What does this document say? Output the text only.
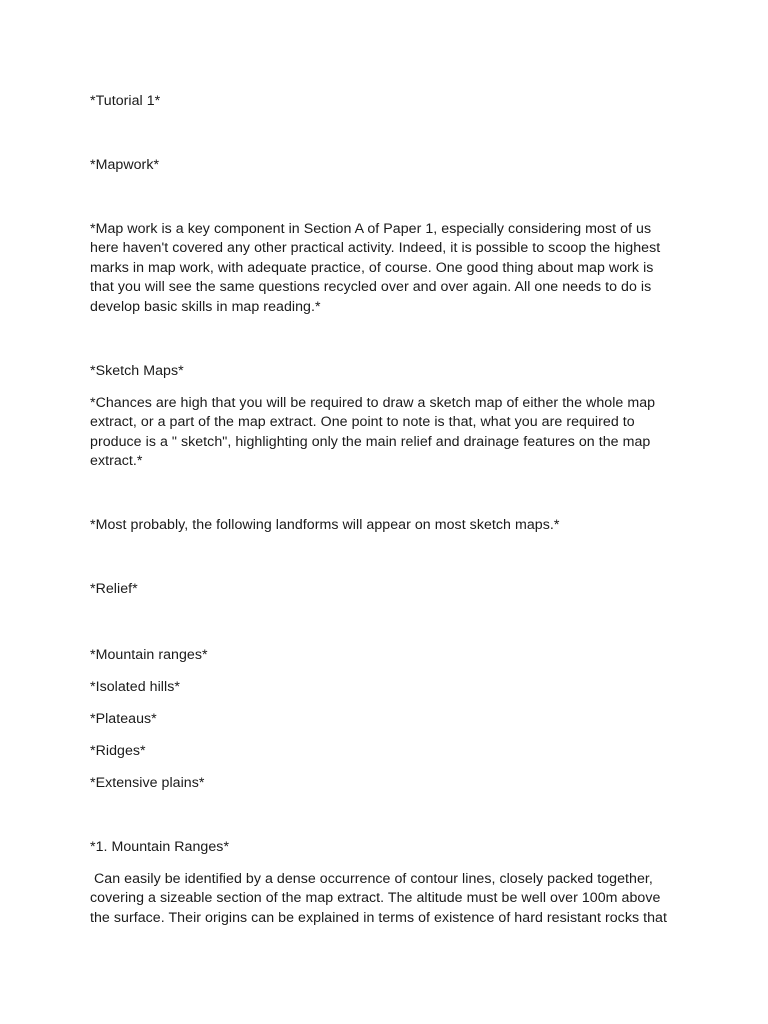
*Tutorial 1*

*Mapwork*

*Map work is a key component in Section A of Paper 1, especially considering most of us
here haven't covered any other practical activity. Indeed, it is possible to scoop the highest
marks in map work, with adequate practice, of course. One good thing about map work is
that you will see the same questions recycled over and over again. All one needs to do is
develop basic skills in map reading.*

*Sketch Maps*

*Chances are high that you will be required to draw a sketch map of either the whole map
extract, or a part of the map extract. One point to note is that, what you are required to
produce is a " sketch", highlighting only the main relief and drainage features on the map
extract.*

*Most probably, the following landforms will appear on most sketch maps.*

*Relief*

*Mountain ranges*

*Isolated hills*

*Plateaus*

*Ridges*

*Extensive plains*

*1. Mountain Ranges*

Can easily be identified by a dense occurrence of contour lines, closely packed together,
covering a sizeable section of the map extract. The altitude must be well over 100m above
the surface. Their origins can be explained in terms of existence of hard resistant rocks that
